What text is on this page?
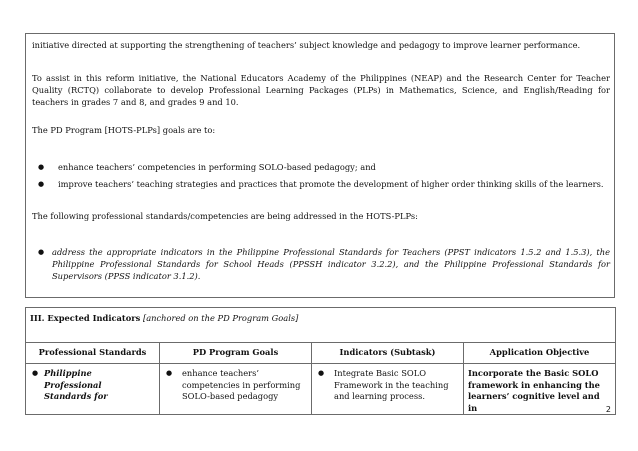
initiative directed at supporting the strengthening of teachers’ subject knowledge and pedagogy to improve learner performance.

To assist in this reform initiative, the National Educators Academy of the Philippines (NEAP) and the Research Center for Teacher Quality (RCTQ) collaborate to develop Professional Learning Packages (PLPs) in Mathematics, Science, and English/Reading for teachers in grades 7 and 8, and grades 9 and 10.

The PD Program [HOTS-PLPs] goals are to:

● enhance teachers’ competencies in performing SOLO-based pedagogy; and
● improve teachers’ teaching strategies and practices that promote the development of higher order thinking skills of the learners.

The following professional standards/competencies are being addressed in the HOTS-PLPs:

● address the appropriate indicators in the Philippine Professional Standards for Teachers (PPST indicators 1.5.2 and 1.5.3), the Philippine Professional Standards for School Heads (PPSSH indicator 3.2.2), and the Philippine Professional Standards for Supervisors (PPSS indicator 3.1.2).
III. Expected Indicators [anchored on the PD Program Goals]			
Professional Standards	PD Program Goals	Indicators (Subtask)	Application Objective

● Philippine Professional Standards for	● enhance teachers’ competencies in performing SOLO-based pedagogy	● Integrate Basic SOLO Framework in the teaching and learning process.	Incorporate the Basic SOLO framework in enhancing the learners’ cognitive level and in	2
